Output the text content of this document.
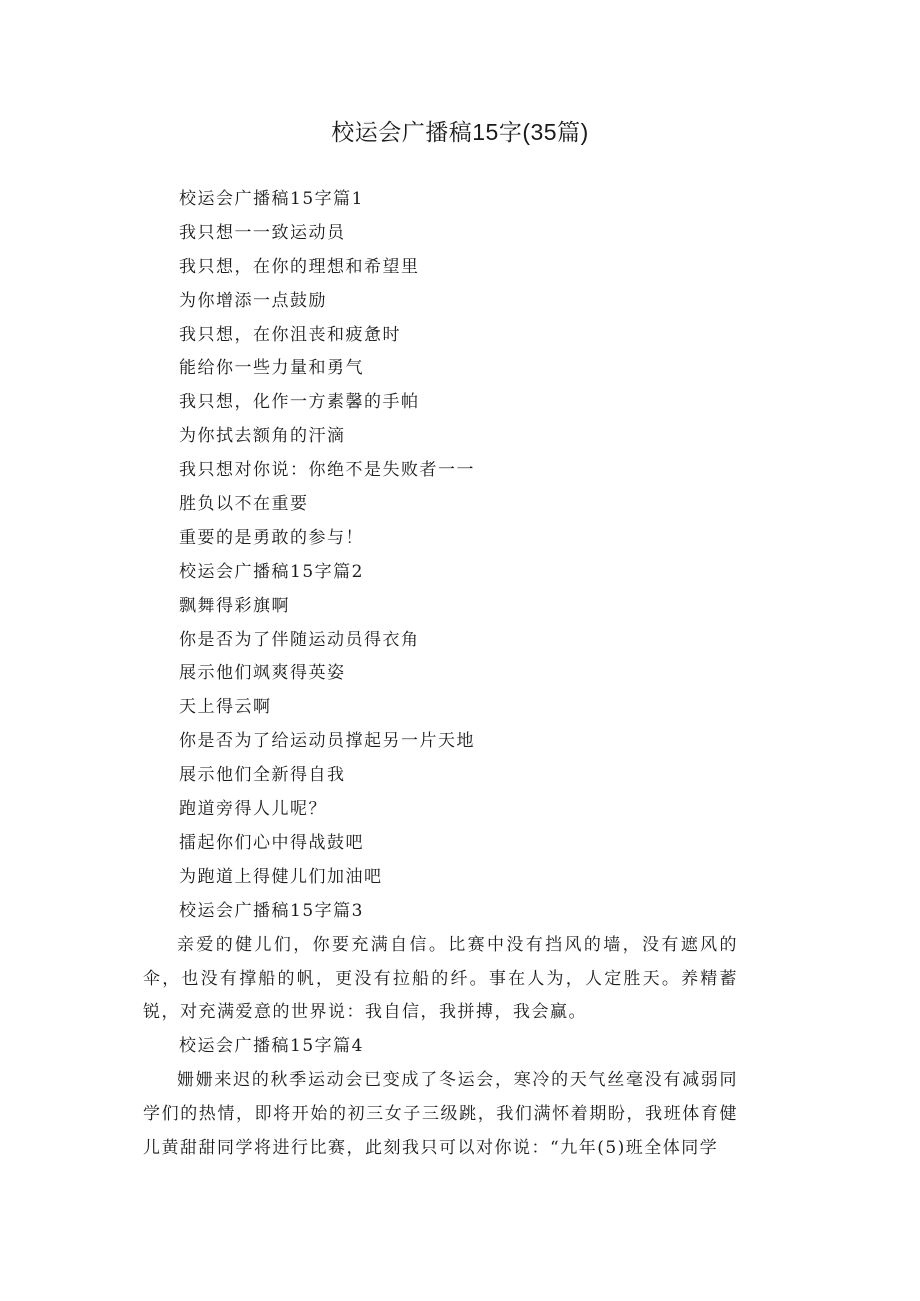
校运会广播稿15字(35篇)
校运会广播稿15字篇1
我只想一一致运动员
我只想，在你的理想和希望里
为你增添一点鼓励
我只想，在你沮丧和疲惫时
能给你一些力量和勇气
我只想，化作一方素馨的手帕
为你拭去额角的汗滴
我只想对你说：你绝不是失败者一一
胜负以不在重要
重要的是勇敢的参与！
校运会广播稿15字篇2
飘舞得彩旗啊
你是否为了伴随运动员得衣角
展示他们飒爽得英姿
天上得云啊
你是否为了给运动员撑起另一片天地
展示他们全新得自我
跑道旁得人儿呢？
擂起你们心中得战鼓吧
为跑道上得健儿们加油吧
校运会广播稿15字篇3

亲爱的健儿们，你要充满自信。比赛中没有挡风的墙，没有遮风的伞，也没有撑船的帆，更没有拉船的纤。事在人为，人定胜天。养精蓄锐，对充满爱意的世界说：我自信，我拼搏，我会赢。

校运会广播稿15字篇4

姗姗来迟的秋季运动会已变成了冬运会，寒冷的天气丝毫没有减弱同学们的热情，即将开始的初三女子三级跳，我们满怀着期盼，我班体育健儿黄甜甜同学将进行比赛，此刻我只可以对你说：“九年(5)班全体同学
